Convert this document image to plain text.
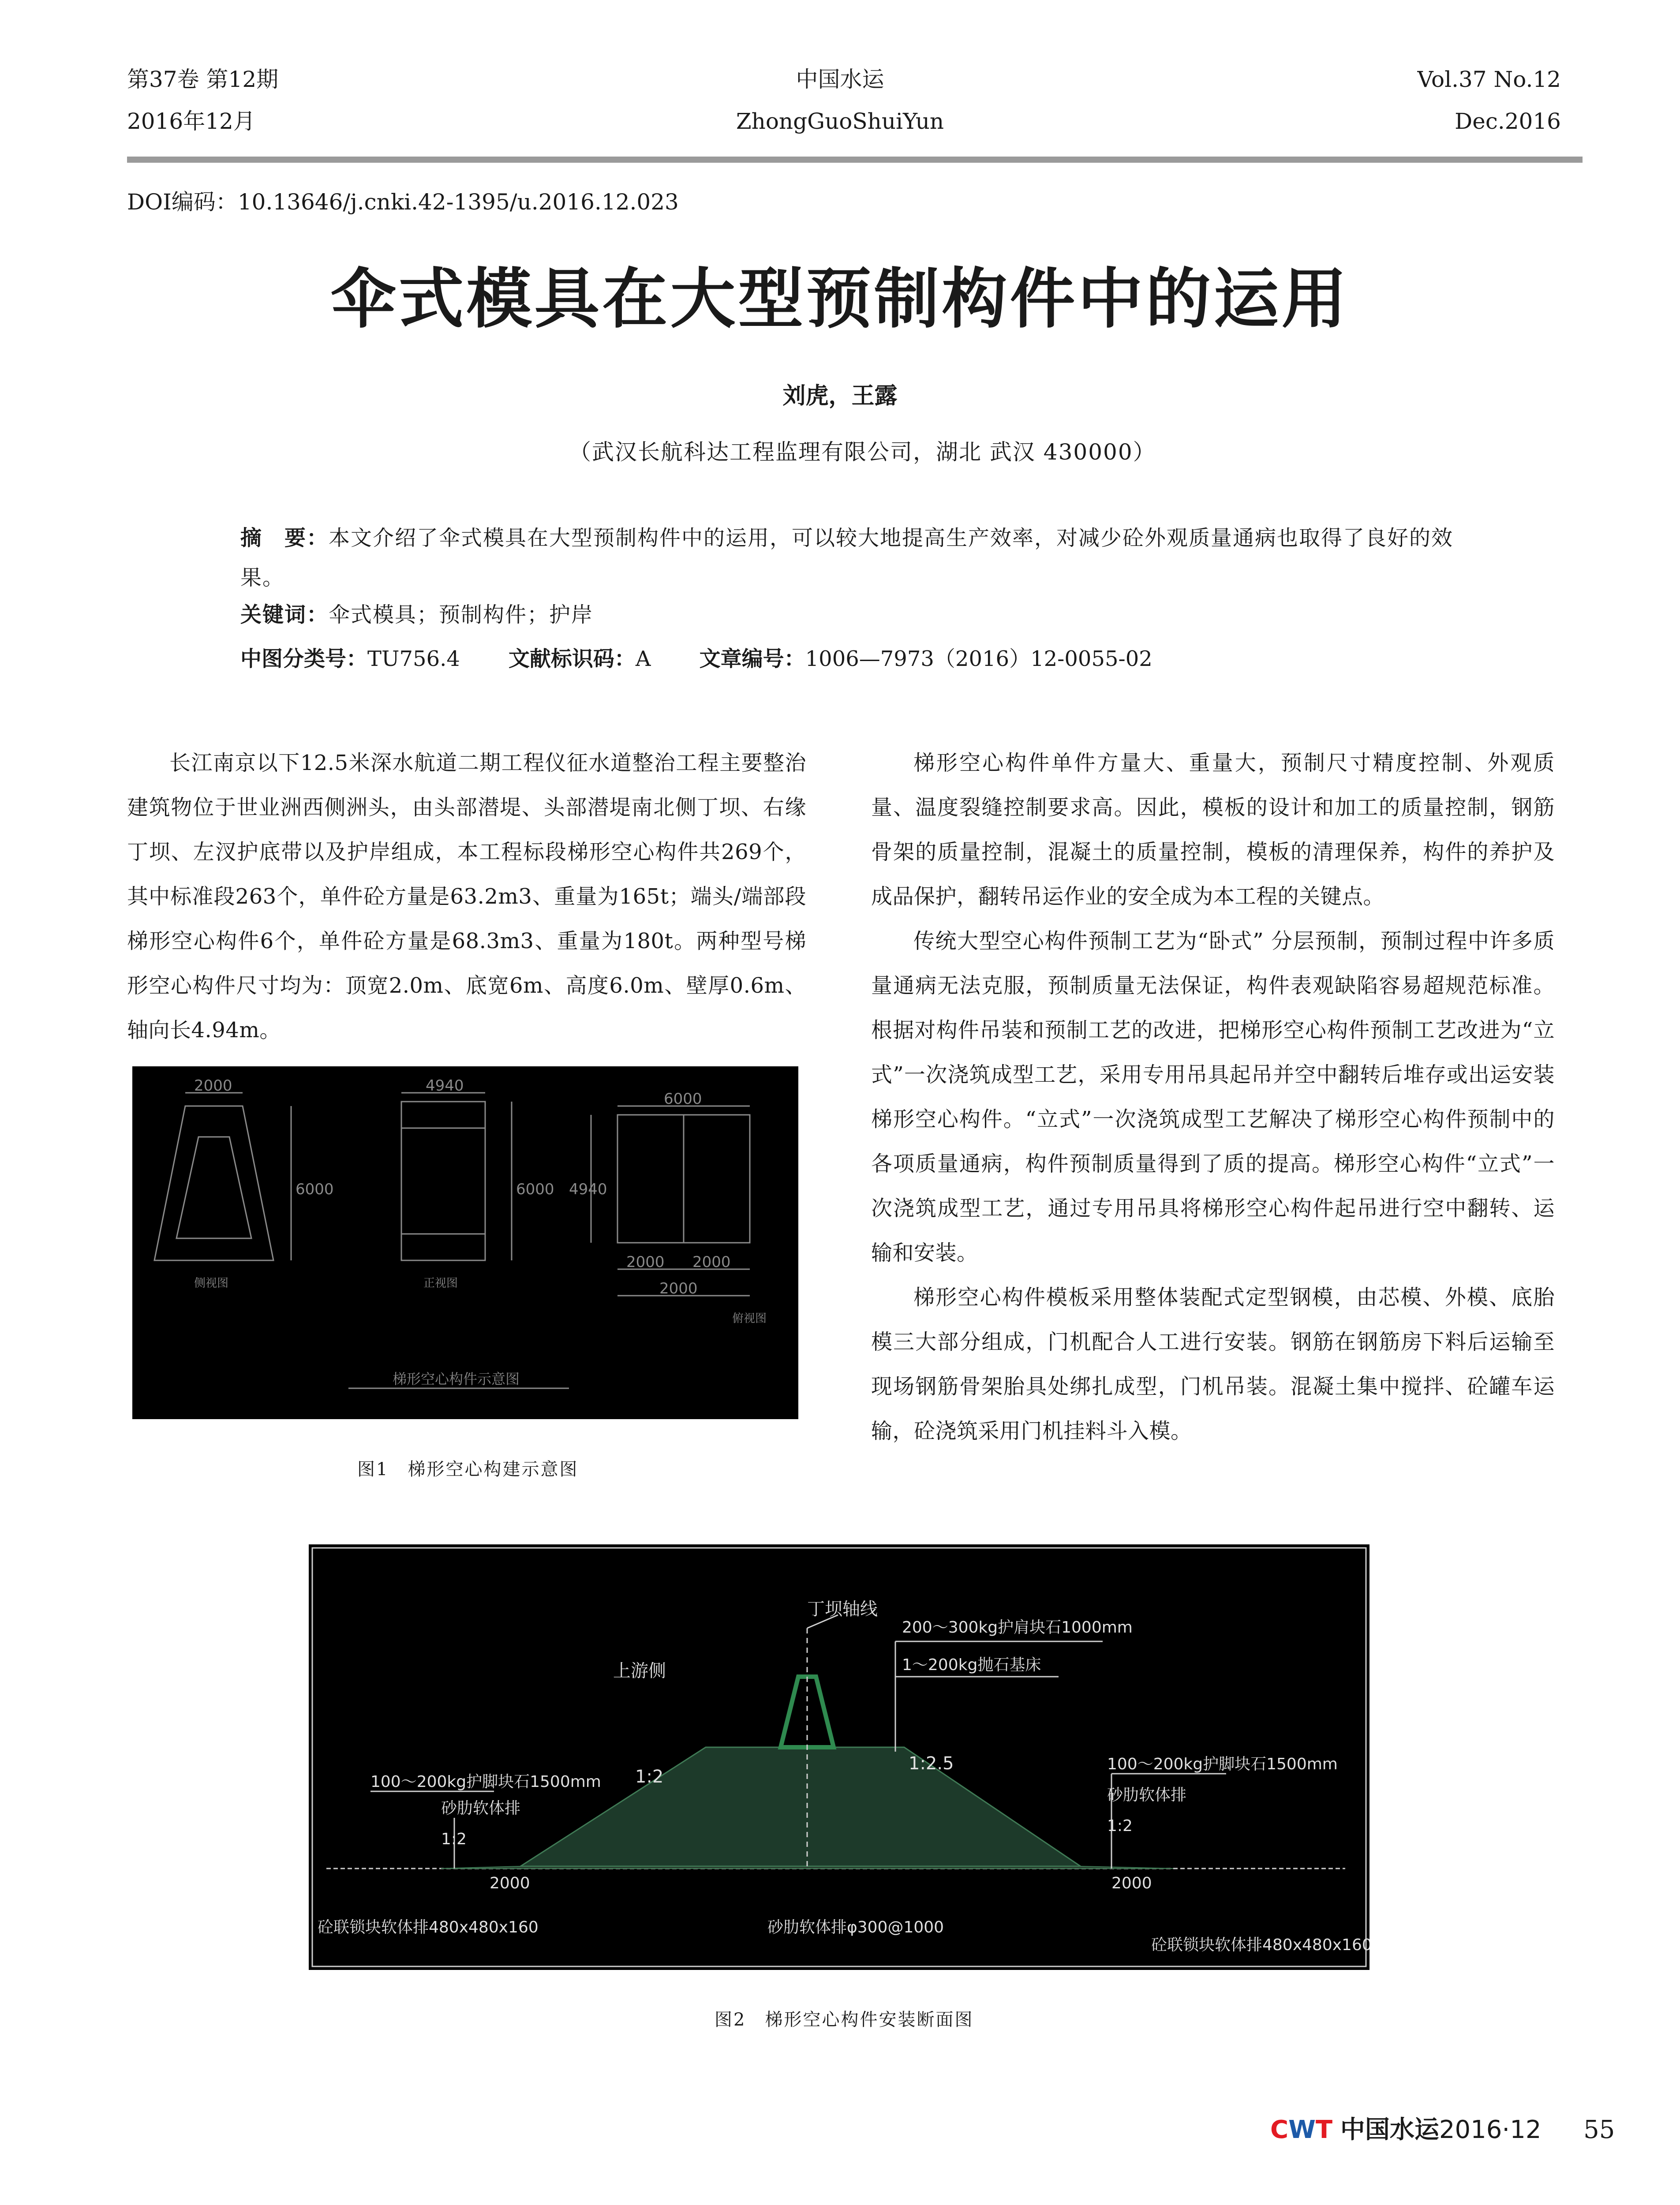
第37卷 第12期
2016年12月
中国水运
ZhongGuoShuiYun
Vol.37 No.12
Dec.2016
DOI编码：10.13646/j.cnki.42-1395/u.2016.12.023
伞式模具在大型预制构件中的运用
刘虎，王露
（武汉长航科达工程监理有限公司，湖北 武汉 430000）
摘　要：本文介绍了伞式模具在大型预制构件中的运用，可以较大地提高生产效率，对减少砼外观质量通病也取得了良好的效果。
关键词：伞式模具；预制构件；护岸
中图分类号：TU756.4 文献标识码：A 文章编号：1006—7973（2016）12-0055-02

长江南京以下12.5米深水航道二期工程仪征水道整治工程主要整治建筑物位于世业洲西侧洲头，由头部潜堤、头部潜堤南北侧丁坝、右缘丁坝、左汊护底带以及护岸组成，本工程标段梯形空心构件共269个，其中标准段263个，单件砼方量是63.2m3、重量为165t；端头/端部段梯形空心构件6个，单件砼方量是68.3m3、重量为180t。两种型号梯形空心构件尺寸均为：顶宽2.0m、底宽6m、高度6.0m、壁厚0.6m、轴向长4.94m。

梯形空心构件单件方量大、重量大，预制尺寸精度控制、外观质量、温度裂缝控制要求高。因此，模板的设计和加工的质量控制，钢筋骨架的质量控制，混凝土的质量控制，模板的清理保养，构件的养护及成品保护，翻转吊运作业的安全成为本工程的关键点。

传统大型空心构件预制工艺为“卧式” 分层预制，预制过程中许多质量通病无法克服，预制质量无法保证，构件表观缺陷容易超规范标准。根据对构件吊装和预制工艺的改进，把梯形空心构件预制工艺改进为“立式”一次浇筑成型工艺，采用专用吊具起吊并空中翻转后堆存或出运安装梯形空心构件。“立式”一次浇筑成型工艺解决了梯形空心构件预制中的各项质量通病，构件预制质量得到了质的提高。梯形空心构件“立式”一次浇筑成型工艺，通过专用吊具将梯形空心构件起吊进行空中翻转、运输和安装。

梯形空心构件模板采用整体装配式定型钢模，由芯模、外模、底胎模三大部分组成，门机配合人工进行安装。钢筋在钢筋房下料后运输至现场钢筋骨架胎具处绑扎成型，门机吊装。混凝土集中搅拌、砼罐车运输，砼浇筑采用门机挂料斗入模。

2000	4940
6000
6000	6000 4940
2000 2000
2000
侧视图	正视图
俯视图
梯形空心构件示意图
图1　梯形空心构建示意图
丁坝轴线
200～300kg护肩块石1000mm
1～200kg抛石基床
上游侧
1:2
1:2.5
100～200kg护脚块石1500mm
砂肋软体排
1:2
2000
100～200kg护脚块石1500mm
砂肋软体排
1:2
2000
砼联锁块软体排480x480x160	砂肋软体排φ300@1000
砼联锁块软体排480x480x160
图2　梯形空心构件安装断面图
CWT 中国水运2016·12 55
